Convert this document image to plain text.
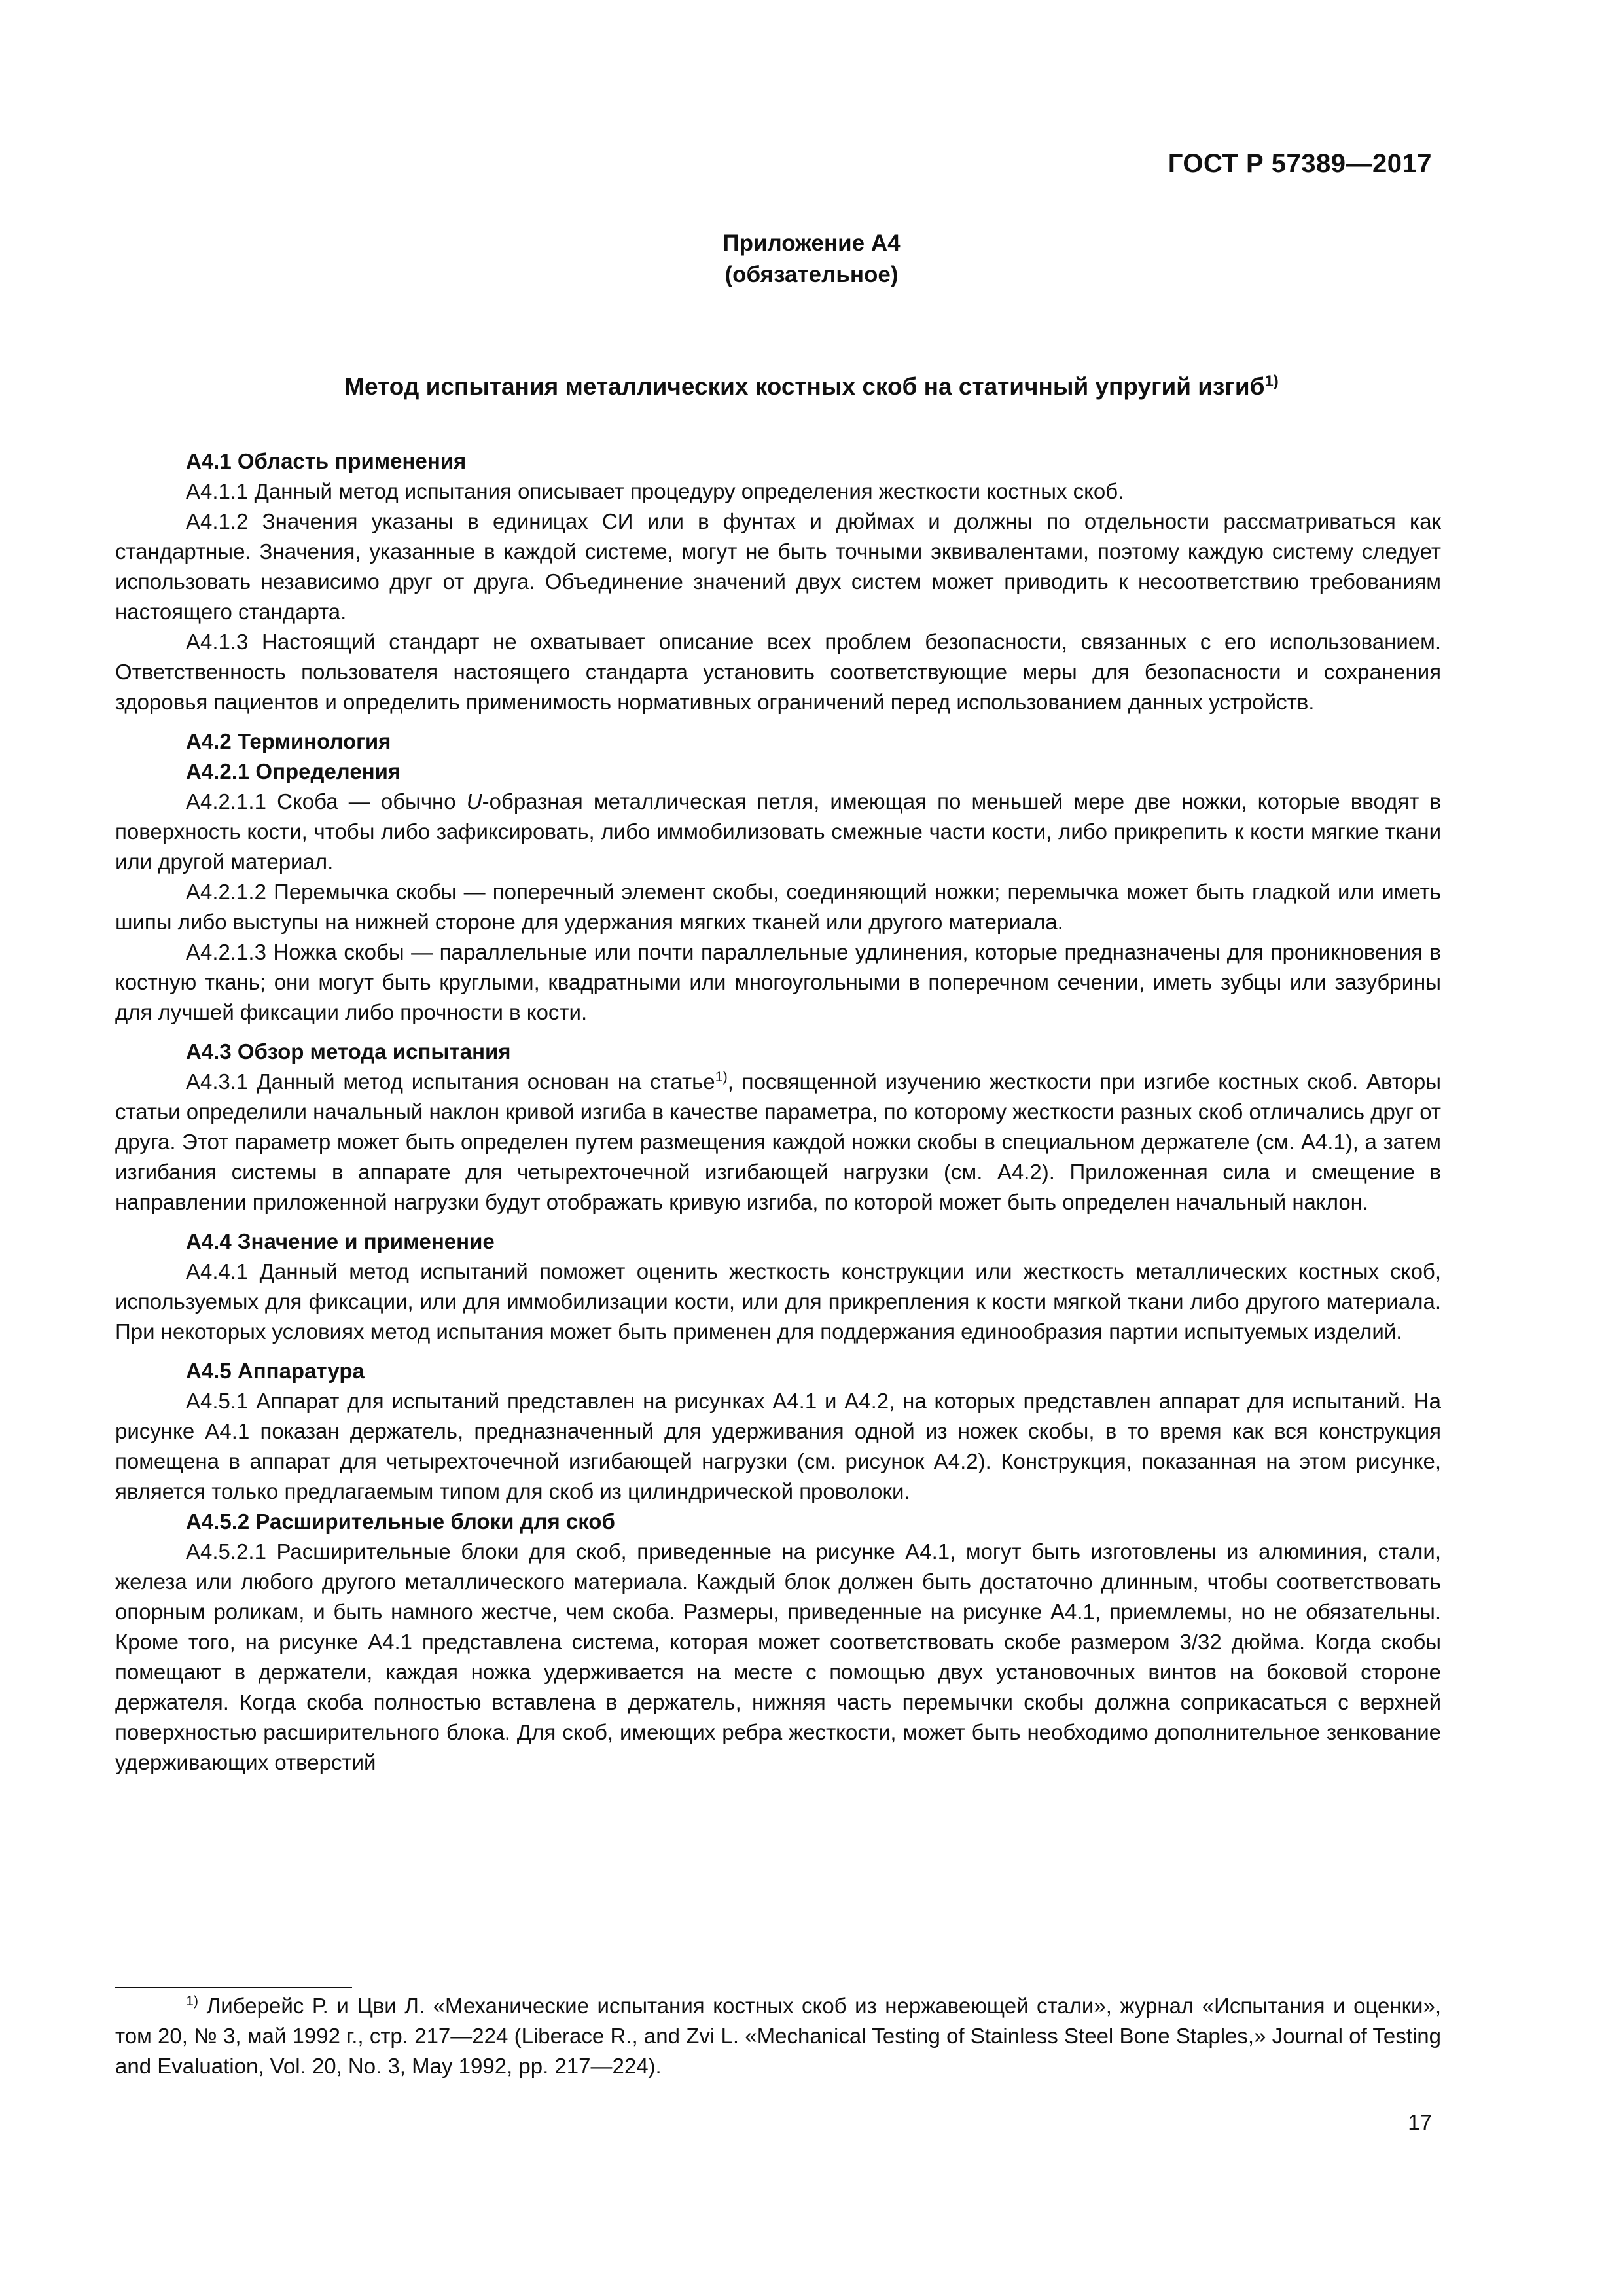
ГОСТ Р 57389—2017
Приложение А4
(обязательное)
Метод испытания металлических костных скоб на статичный упругий изгиб$^{1)}$

А4.1 Область применения

А4.1.1 Данный метод испытания описывает процедуру определения жесткости костных скоб.

А4.1.2 Значения указаны в единицах СИ или в фунтах и дюймах и должны по отдельности рассматриваться как стандартные. Значения, указанные в каждой системе, могут не быть точными эквивалентами, поэтому каждую систему следует использовать независимо друг от друга. Объединение значений двух систем может приводить к несоответствию требованиям настоящего стандарта.

А4.1.3 Настоящий стандарт не охватывает описание всех проблем безопасности, связанных с его использованием. Ответственность пользователя настоящего стандарта установить соответствующие меры для безопасности и сохранения здоровья пациентов и определить применимость нормативных ограничений перед использованием данных устройств.

А4.2 Терминология

А4.2.1 Определения

А4.2.1.1 Скоба — обычно U-образная металлическая петля, имеющая по меньшей мере две ножки, которые вводят в поверхность кости, чтобы либо зафиксировать, либо иммобилизовать смежные части кости, либо прикрепить к кости мягкие ткани или другой материал.

А4.2.1.2 Перемычка скобы — поперечный элемент скобы, соединяющий ножки; перемычка может быть гладкой или иметь шипы либо выступы на нижней стороне для удержания мягких тканей или другого материала.

А4.2.1.3 Ножка скобы — параллельные или почти параллельные удлинения, которые предназначены для проникновения в костную ткань; они могут быть круглыми, квадратными или многоугольными в поперечном сечении, иметь зубцы или зазубрины для лучшей фиксации либо прочности в кости.

А4.3 Обзор метода испытания

А4.3.1 Данный метод испытания основан на статье$^{1)}$, посвященной изучению жесткости при изгибе костных скоб. Авторы статьи определили начальный наклон кривой изгиба в качестве параметра, по которому жесткости разных скоб отличались друг от друга. Этот параметр может быть определен путем размещения каждой ножки скобы в специальном держателе (см. А4.1), а затем изгибания системы в аппарате для четырехточечной изгибающей нагрузки (см. А4.2). Приложенная сила и смещение в направлении приложенной нагрузки будут отображать кривую изгиба, по которой может быть определен начальный наклон.

А4.4 Значение и применение

А4.4.1 Данный метод испытаний поможет оценить жесткость конструкции или жесткость металлических костных скоб, используемых для фиксации, или для иммобилизации кости, или для прикрепления к кости мягкой ткани либо другого материала. При некоторых условиях метод испытания может быть применен для поддержания единообразия партии испытуемых изделий.

А4.5 Аппаратура

А4.5.1 Аппарат для испытаний представлен на рисунках А4.1 и А4.2, на которых представлен аппарат для испытаний. На рисунке А4.1 показан держатель, предназначенный для удерживания одной из ножек скобы, в то время как вся конструкция помещена в аппарат для четырехточечной изгибающей нагрузки (см. рисунок А4.2). Конструкция, показанная на этом рисунке, является только предлагаемым типом для скоб из цилиндрической проволоки.

А4.5.2 Расширительные блоки для скоб

А4.5.2.1 Расширительные блоки для скоб, приведенные на рисунке А4.1, могут быть изготовлены из алюминия, стали, железа или любого другого металлического материала. Каждый блок должен быть достаточно длинным, чтобы соответствовать опорным роликам, и быть намного жестче, чем скоба. Размеры, приведенные на рисунке А4.1, приемлемы, но не обязательны. Кроме того, на рисунке А4.1 представлена система, которая может соответствовать скобе размером 3/32 дюйма. Когда скобы помещают в держатели, каждая ножка удерживается на месте с помощью двух установочных винтов на боковой стороне держателя. Когда скоба полностью вставлена в держатель, нижняя часть перемычки скобы должна соприкасаться с верхней поверхностью расширительного блока. Для скоб, имеющих ребра жесткости, может быть необходимо дополнительное зенкование удерживающих отверстий

$^{1)}$ Либерейс Р. и Цви Л. «Механические испытания костных скоб из нержавеющей стали», журнал «Испытания и оценки», том 20, № 3, май 1992 г., стр. 217—224 (Liberace R., and Zvi L. «Mechanical Testing of Stainless Steel Bone Staples,» Journal of Testing and Evaluation, Vol. 20, No. 3, May 1992, pp. 217—224).

17
